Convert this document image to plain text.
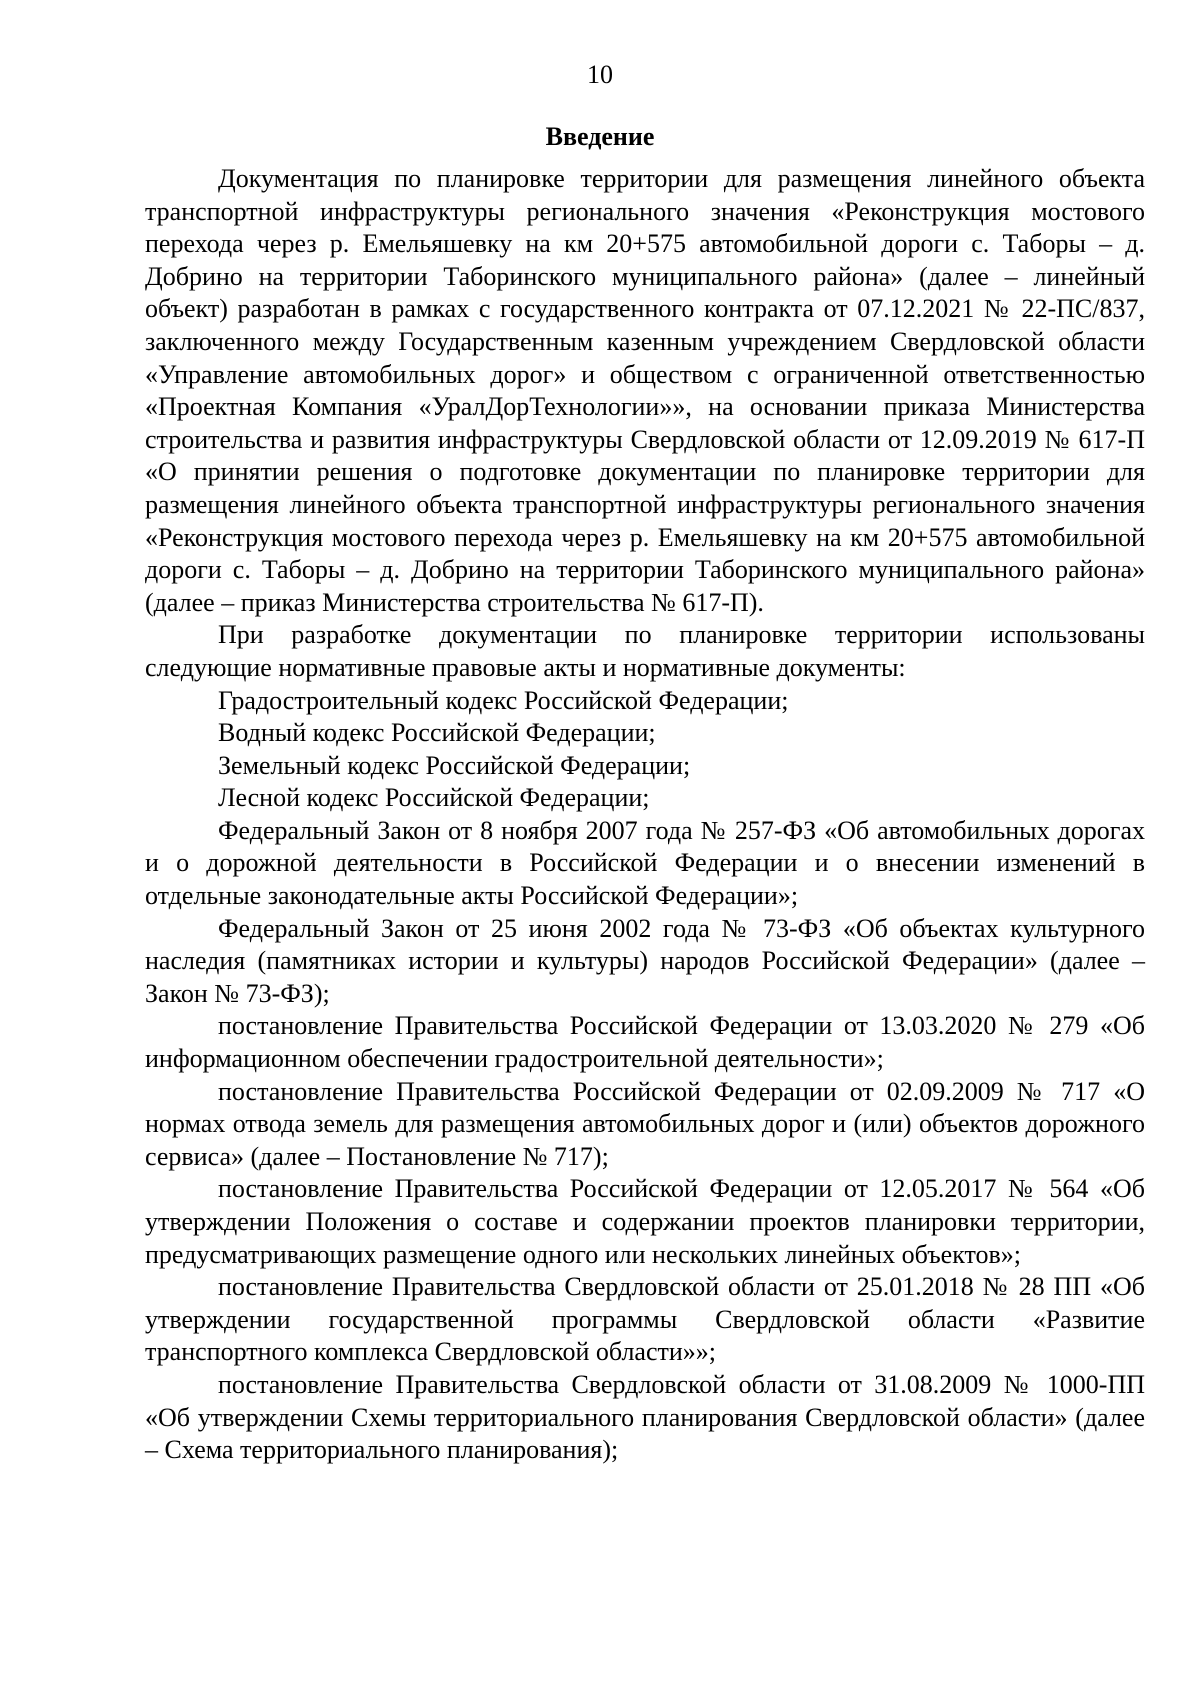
10
Введение

Документация по планировке территории для размещения линейного объекта транспортной инфраструктуры регионального значения «Реконструкция мостового перехода через р. Емельяшевку на км 20+575 автомобильной дороги с. Таборы – д. Добрино на территории Таборинского муниципального района» (далее – линейный объект) разработан в рамках с государственного контракта от 07.12.2021 № 22-ПС/837, заключенного между Государственным казенным учреждением Свердловской области «Управление автомобильных дорог» и обществом с ограниченной ответственностью «Проектная Компания «УралДорТехнологии»», на основании приказа Министерства строительства и развития инфраструктуры Свердловской области от 12.09.2019 № 617-П «О принятии решения о подготовке документации по планировке территории для размещения линейного объекта транспортной инфраструктуры регионального значения «Реконструкция мостового перехода через р. Емельяшевку на км 20+575 автомобильной дороги с. Таборы – д. Добрино на территории Таборинского муниципального района» (далее – приказ Министерства строительства № 617-П).

При разработке документации по планировке территории использованы следующие нормативные правовые акты и нормативные документы:

Градостроительный кодекс Российской Федерации;

Водный кодекс Российской Федерации;

Земельный кодекс Российской Федерации;

Лесной кодекс Российской Федерации;

Федеральный Закон от 8 ноября 2007 года № 257-ФЗ «Об автомобильных дорогах и о дорожной деятельности в Российской Федерации и о внесении изменений в отдельные законодательные акты Российской Федерации»;

Федеральный Закон от 25 июня 2002 года № 73-ФЗ «Об объектах культурного наследия (памятниках истории и культуры) народов Российской Федерации» (далее –Закон № 73-ФЗ);

постановление Правительства Российской Федерации от 13.03.2020 № 279 «Об информационном обеспечении градостроительной деятельности»;

постановление Правительства Российской Федерации от 02.09.2009 № 717 «О нормах отвода земель для размещения автомобильных дорог и (или) объектов дорожного сервиса» (далее – Постановление № 717);

постановление Правительства Российской Федерации от 12.05.2017 № 564 «Об утверждении Положения о составе и содержании проектов планировки территории, предусматривающих размещение одного или нескольких линейных объектов»;

постановление Правительства Свердловской области от 25.01.2018 № 28 ПП «Об утверждении государственной программы Свердловской области «Развитие транспортного комплекса Свердловской области»»;

постановление Правительства Свердловской области от 31.08.2009 № 1000-ПП «Об утверждении Схемы территориального планирования Свердловской области» (далее – Схема территориального планирования);
